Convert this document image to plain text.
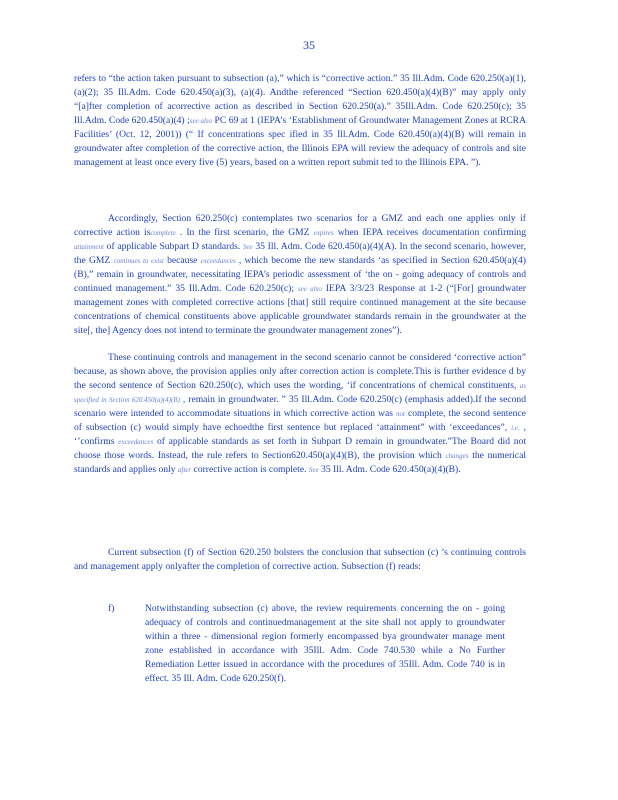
35

refers to “the action taken pursuant to subsection (a),” which is “corrective action.” 35 Ill.Adm. Code 620.250(a)(1), (a)(2); 35 Ill.Adm. Code 620.450(a)(3), (a)(4). Andthe referenced “Section 620.450(a)(4)(B)” may apply only “[a]fter completion of acorrective action as described in Section 620.250(a).” 35Ill.Adm. Code 620.250(c); 35 Ill.Adm. Code 620.450(a)(4) ;see also PC 69 at 1 (IEPA’s ‘Establishment of Groundwater Management Zones at RCRA Facilities’ (Oct. 12, 2001)) (“ If concentrations spec ified in 35 Ill.Adm. Code 620.450(a)(4)(B) will remain in groundwater after completion of the corrective action, the Illinois EPA will review the adequacy of controls and site management at least once every five (5) years, based on a written report submit ted to the Illinois EPA. ”).

Accordingly, Section 620.250(c) contemplates two scenarios for a GMZ and each one applies only if corrective action iscomplete . In the first scenario, the GMZ expires when IEPA receives documentation confirming attainment of applicable Subpart D standards. See 35 Ill. Adm. Code 620.450(a)(4)(A). In the second scenario, however, the GMZ continues to exist because exceedances , which become the new standards ‘as specified in Section 620.450(a)(4)(B),” remain in groundwater, necessitating IEPA’s periodic assessment of ‘the on - going adequacy of controls and continued management.” 35 Ill.Adm. Code 620.250(c); see also IEPA 3/3/23 Response at 1-2 (“[For] groundwater management zones with completed corrective actions [that] still require continued management at the site because concentrations of chemical constituents above applicable groundwater standards remain in the groundwater at the site[, the] Agency does not intend to terminate the groundwater management zones”).

These continuing controls and management in the second scenario cannot be considered ‘corrective action” because, as shown above, the provision applies only after correction action is complete.This is further evidence d by the second sentence of Section 620.250(c), which uses the wording, ‘if concentrations of chemical constituents, as specified in Section 620.450(a)(4)(B) , remain in groundwater. ” 35 Ill.Adm. Code 620.250(c) (emphasis added).If the second scenario were intended to accommodate situations in which corrective action was not complete, the second sentence of subsection (c) would simply have echoedthe first sentence but replaced ‘attainment” with ‘exceedances”, i.e. , ‘’confirms exceedances of applicable standards as set forth in Subpart D remain in groundwater.”The Board did not choose those words. Instead, the rule refers to Section620.450(a)(4)(B), the provision which changes the numerical standards and applies only after corrective action is complete. See 35 Ill. Adm. Code 620.450(a)(4)(B).

Current subsection (f) of Section 620.250 bolsters the conclusion that subsection (c) ’s continuing controls and management apply onlyafter the completion of corrective action. Subsection (f) reads:

f)	Notwithstanding subsection (c) above, the review requirements concerning the on - going adequacy of controls and continuedmanagement at the site shall not apply to groundwater within a three - dimensional region formerly encompassed bya groundwater manage ment zone established in accordance with 35Ill. Adm. Code 740.530 while a No Further Remediation Letter issued in accordance with the procedures of 35Ill. Adm. Code 740 is in effect. 35 Ill. Adm. Code 620.250(f).
